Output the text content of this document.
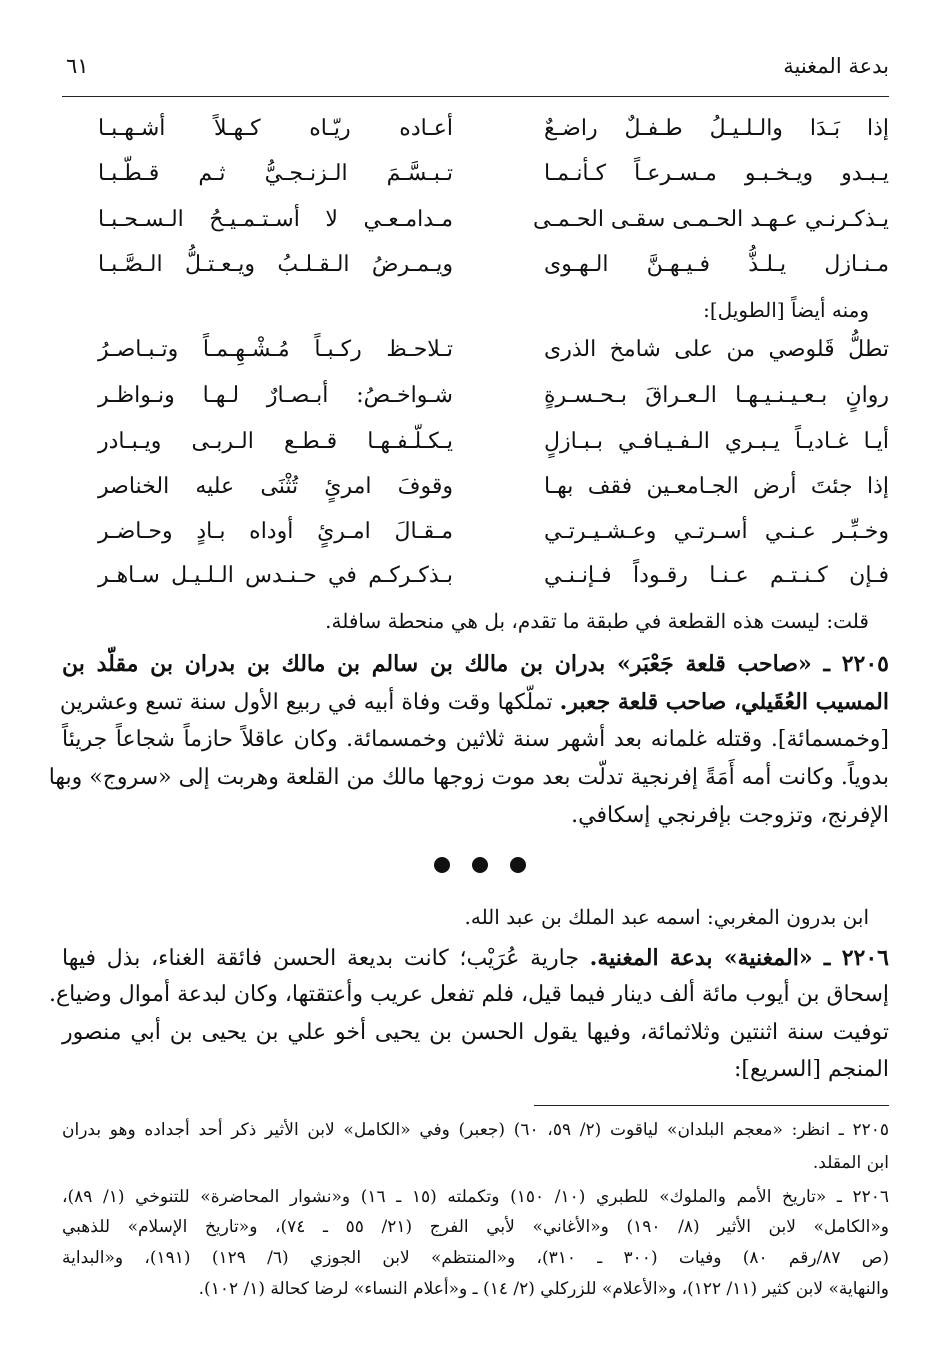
بدعة المغنية
٦١
إذا بَـدَا والـلـيـلُ طـفـلٌ راضـعٌ
أعـاده ريّـاه كـهـلاً أشـهـبـا
يـبـدو ويـخـبـو مـسـرعـاً كـأنـمـا
تـبـسَّـمَ الـزنـجـيُّ ثـم قـطّـبـا
يـذكـرنـي عـهـد الحـمـى سقـى الحـمـى
مـدامـعـي لا أسـتـمـيـحُ الـسـحـبـا
مـنـازل يـلـذُّ فـيـهـنَّ الـهـوى
ويـمـرضُ الـقـلـبُ ويـعـتـلُّ الـصَّـبـا
ومنه أيضاً [الطويل]:
تطلُّ قَلوصي من على شامخ الذرى
تـلاحـظ ركـبـاً مُـشْـهِـمـاً وتـبـاصـرُ
روانٍ بـعـيـنـيـهـا الـعـراقَ بـحـسـرةٍ
شـواخـصُ: أبـصـارٌ لـهـا ونـواظـر
أيـا غـاديـاً يـبـري الـفـيـافـي بـبـازلٍ
يـكـلّـفـهـا قـطـع الـربـى ويـبـادر
إذا جئتَ أرض الجـامعـين فقف بهـا
وقوفَ امرئٍ تُثْنَى عليه الخناصر
وخـبِّـر عـنـي أسـرتـي وعـشـيـرتـي
مـقـالَ امـرئٍ أوداه بـادٍ وحـاضـر
فـإن كـنـتـم عـنـا رقـوداً فـإنـنـي
بـذكـركـم في حـنـدس الـلـيـل سـاهـر
قلت: ليست هذه القطعة في طبقة ما تقدم، بل هي منحطة سافلة.
٢٢٠٥ ـ «صاحب قلعة جَعْبَر» بدران بن مالك بن سالم بن مالك بن بدران بن مقلّد بن
المسيب العُقَيلي، صاحب قلعة جعبر. تملّكها وقت وفاة أبيه في ربيع الأول سنة تسع وعشرين
[وخمسمائة]. وقتله غلمانه بعد أشهر سنة ثلاثين وخمسمائة. وكان عاقلاً حازماً شجاعاً جريئاً
بدوياً. وكانت أمه أَمَةً إفرنجية تدلّت بعد موت زوجها مالك من القلعة وهربت إلى «سروج» وبها
الإفرنج، وتزوجت بإفرنجي إسكافي.
ابن بدرون المغربي: اسمه عبد الملك بن عبد الله.
٢٢٠٦ ـ «المغنية» بدعة المغنية. جارية عُرَيْب؛ كانت بديعة الحسن فائقة الغناء، بذل فيها
إسحاق بن أيوب مائة ألف دينار فيما قيل، فلم تفعل عريب وأعتقتها، وكان لبدعة أموال وضياع.
توفيت سنة اثنتين وثلاثمائة، وفيها يقول الحسن بن يحيى أخو علي بن يحيى بن أبي منصور
المنجم [السريع]:
٢٢٠٥ ـ انظر: «معجم البلدان» لياقوت (٢/ ٥٩، ٦٠) (جعبر) وفي «الكامل» لابن الأثير ذكر أحد أجداده وهو بدران
ابن المقلد.
٢٢٠٦ ـ «تاريخ الأمم والملوك» للطبري (١٠/ ١٥٠) وتكملته (١٥ ـ ١٦) و«نشوار المحاضرة» للتنوخي (١/ ٨٩)،
و«الكامل» لابن الأثير (٨/ ١٩٠) و«الأغاني» لأبي الفرج (٢١/ ٥٥ ـ ٧٤)، و«تاريخ الإسلام» للذهبي
(ص ٨٧/رقم ٨٠) وفيات (٣٠٠ ـ ٣١٠)، و«المنتظم» لابن الجوزي (٦/ ١٢٩) (١٩١)، و«البداية
والنهاية» لابن كثير (١١/ ١٢٢)، و«الأعلام» للزركلي (٢/ ١٤) ـ و«أعلام النساء» لرضا كحالة (١/ ١٠٢).
